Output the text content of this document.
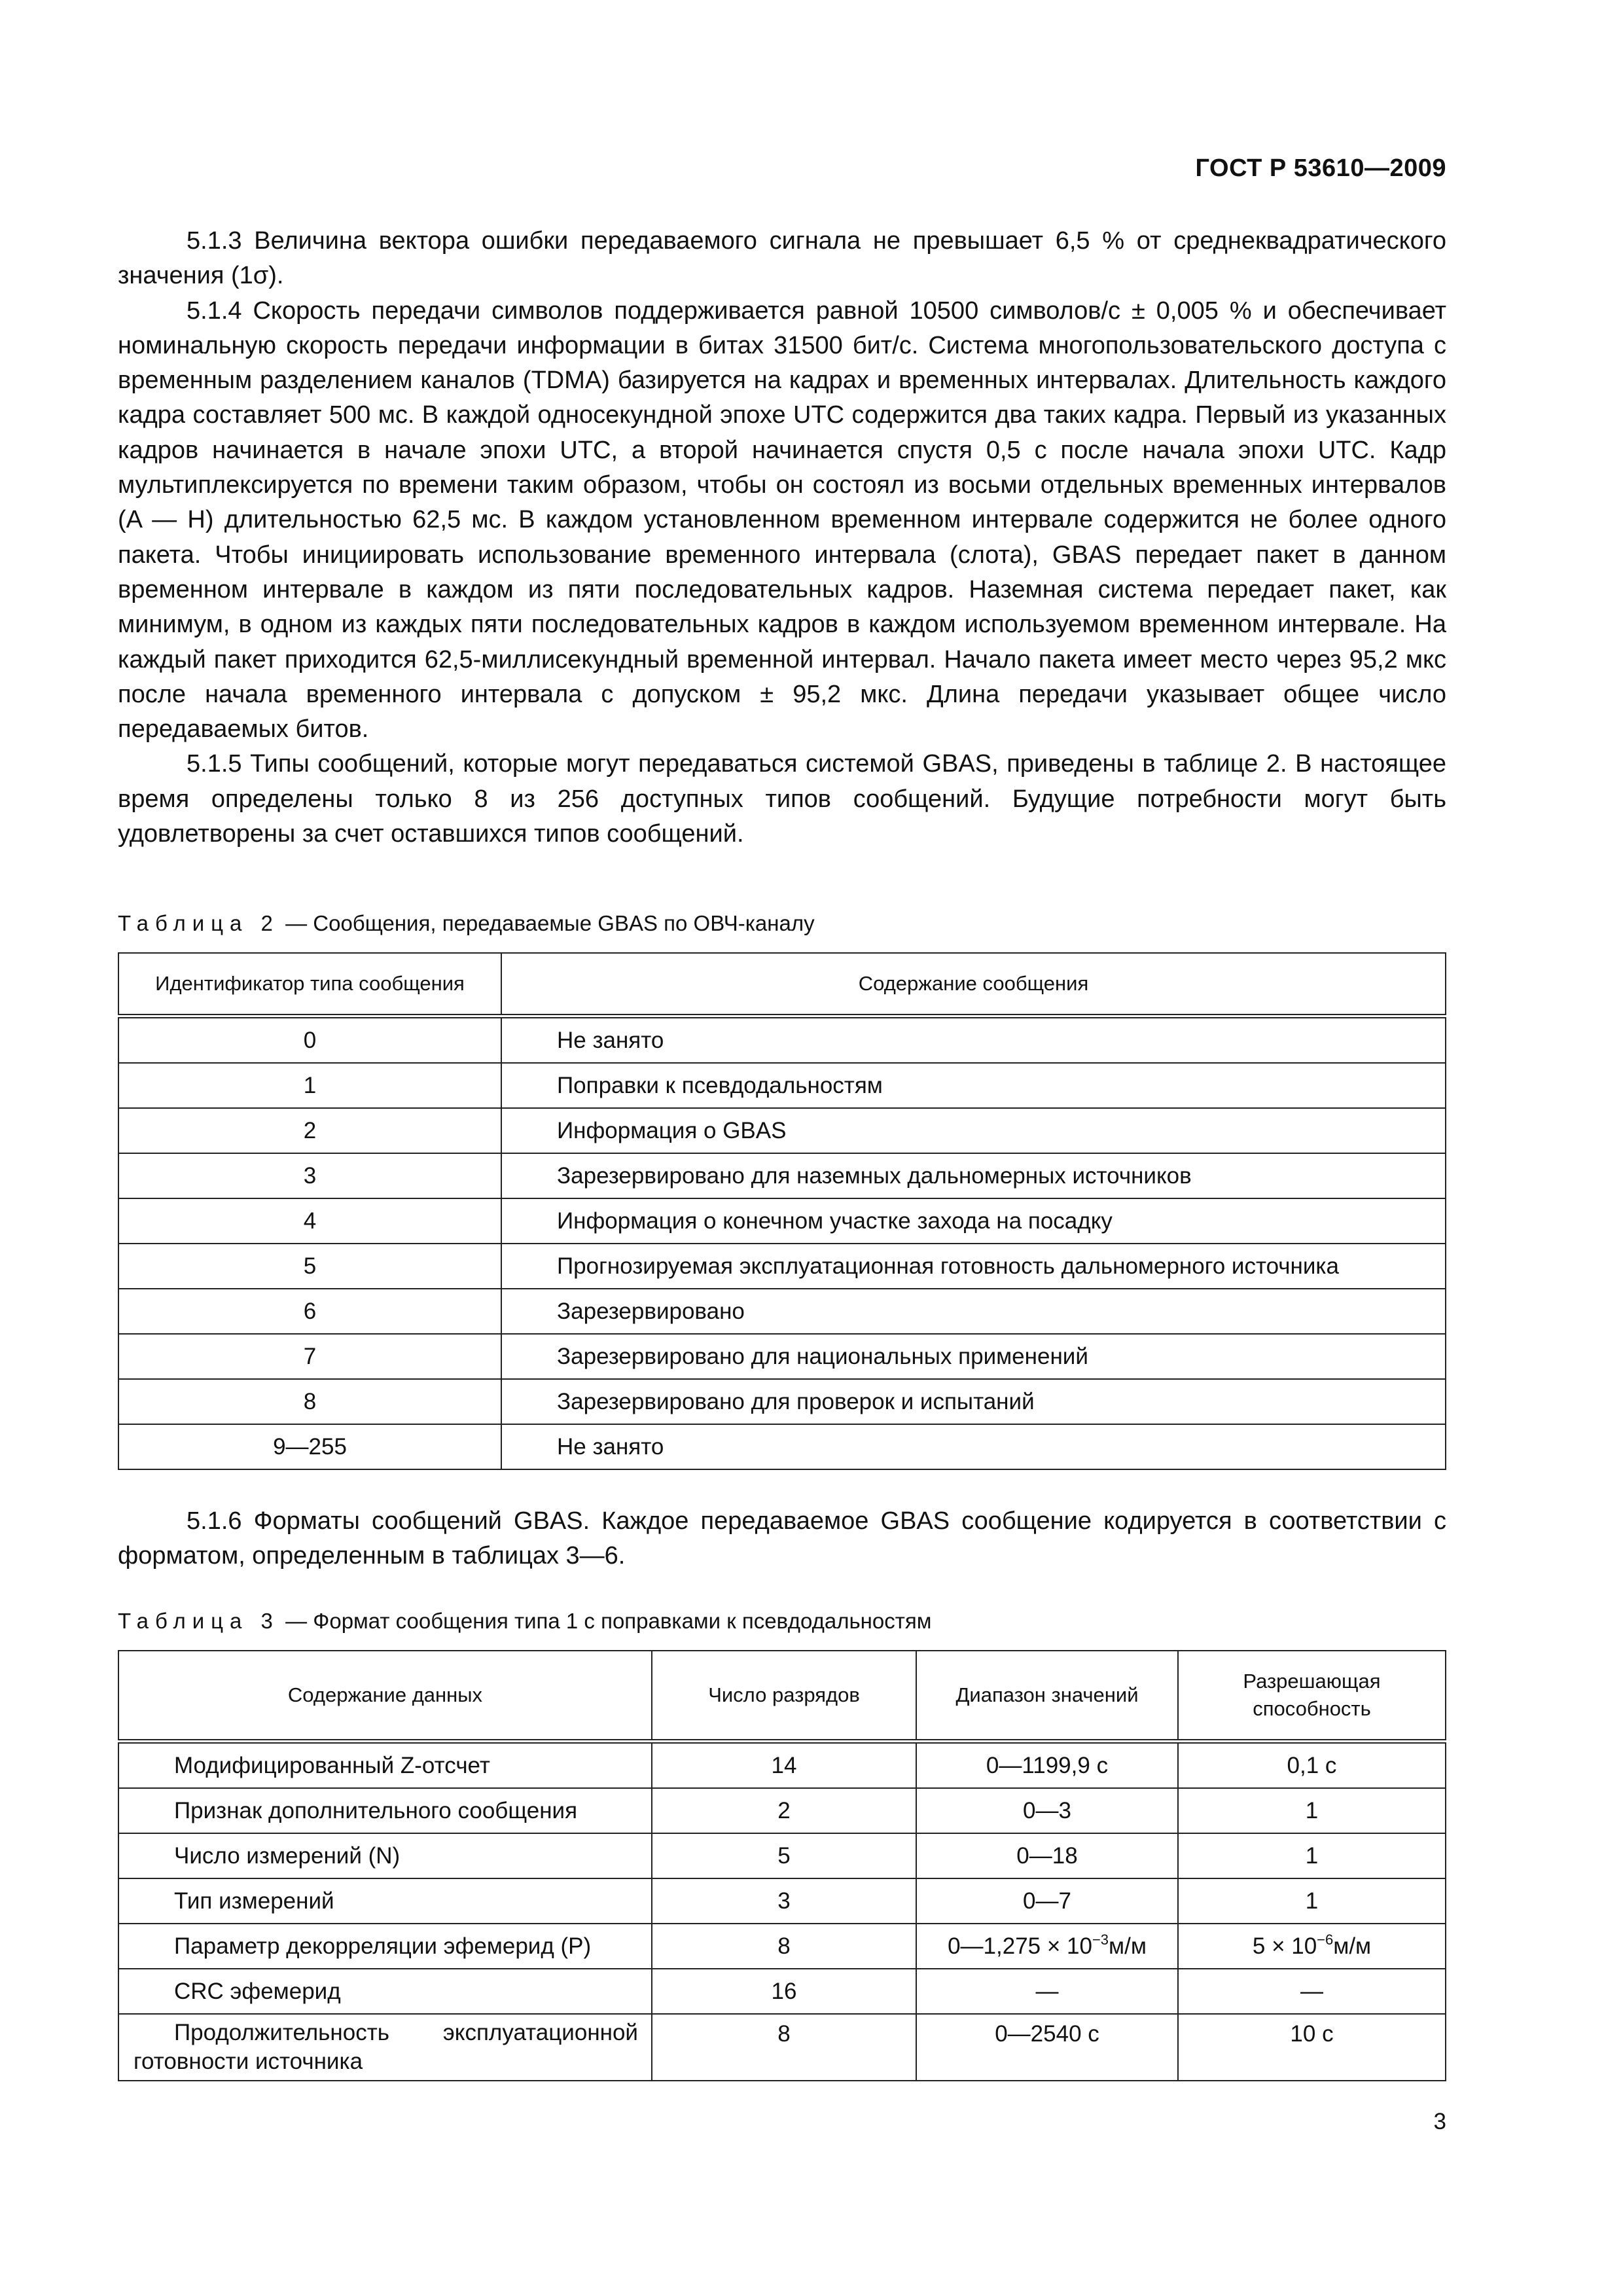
ГОСТ Р 53610—2009

5.1.3 Величина вектора ошибки передаваемого сигнала не превышает 6,5 % от среднеквадратического значения (1σ).

5.1.4 Скорость передачи символов поддерживается равной 10500 символов/с ± 0,005 % и обеспечивает номинальную скорость передачи информации в битах 31500 бит/с. Система многопользовательского доступа с временным разделением каналов (TDMA) базируется на кадрах и временных интервалах. Длительность каждого кадра составляет 500 мс. В каждой односекундной эпохе UTC содержится два таких кадра. Первый из указанных кадров начинается в начале эпохи UTC, а второй начинается спустя 0,5 с после начала эпохи UTC. Кадр мультиплексируется по времени таким образом, чтобы он состоял из восьми отдельных временных интервалов (A — H) длительностью 62,5 мс. В каждом установленном временном интервале содержится не более одного пакета. Чтобы инициировать использование временного интервала (слота), GBAS передает пакет в данном временном интервале в каждом из пяти последовательных кадров. Наземная система передает пакет, как минимум, в одном из каждых пяти последовательных кадров в каждом используемом временном интервале. На каждый пакет приходится 62,5-миллисекундный временной интервал. Начало пакета имеет место через 95,2 мкс после начала временного интервала с допуском ± 95,2 мкс. Длина передачи указывает общее число передаваемых битов.

5.1.5 Типы сообщений, которые могут передаваться системой GBAS, приведены в таблице 2. В настоящее время определены только 8 из 256 доступных типов сообщений. Будущие потребности могут быть удовлетворены за счет оставшихся типов сообщений.

Таблица 2 — Сообщения, передаваемые GBAS по ОВЧ-каналу
Идентификатор типа сообщения	Содержание сообщения
0	Не занято
1	Поправки к псевдодальностям
2	Информация о GBAS
3	Зарезервировано для наземных дальномерных источников
4	Информация о конечном участке захода на посадку
5	Прогнозируемая эксплуатационная готовность дальномерного источника
6	Зарезервировано
7	Зарезервировано для национальных применений
8	Зарезервировано для проверок и испытаний
9—255	Не занято

5.1.6 Форматы сообщений GBAS. Каждое передаваемое GBAS сообщение кодируется в соответствии с форматом, определенным в таблицах 3—6.

Таблица 3 — Формат сообщения типа 1 с поправками к псевдодальностям
Содержание данных	Число разрядов	Диапазон значений	Разрешающая способность
Модифицированный Z-отсчет	14	0—1199,9 с	0,1 с
Признак дополнительного сообщения	2	0—3	1
Число измерений (N)	5	0—18	1
Тип измерений	3	0—7	1
Параметр декорреляции эфемерид (P)	8	0—1,275 × $10^{-3}м/м$	$5 \times 10^{-6}м/м$
CRC эфемерид	16	—	—
Продолжительность эксплуатационной готовности источника	8	0—2540 с	10 с
3
